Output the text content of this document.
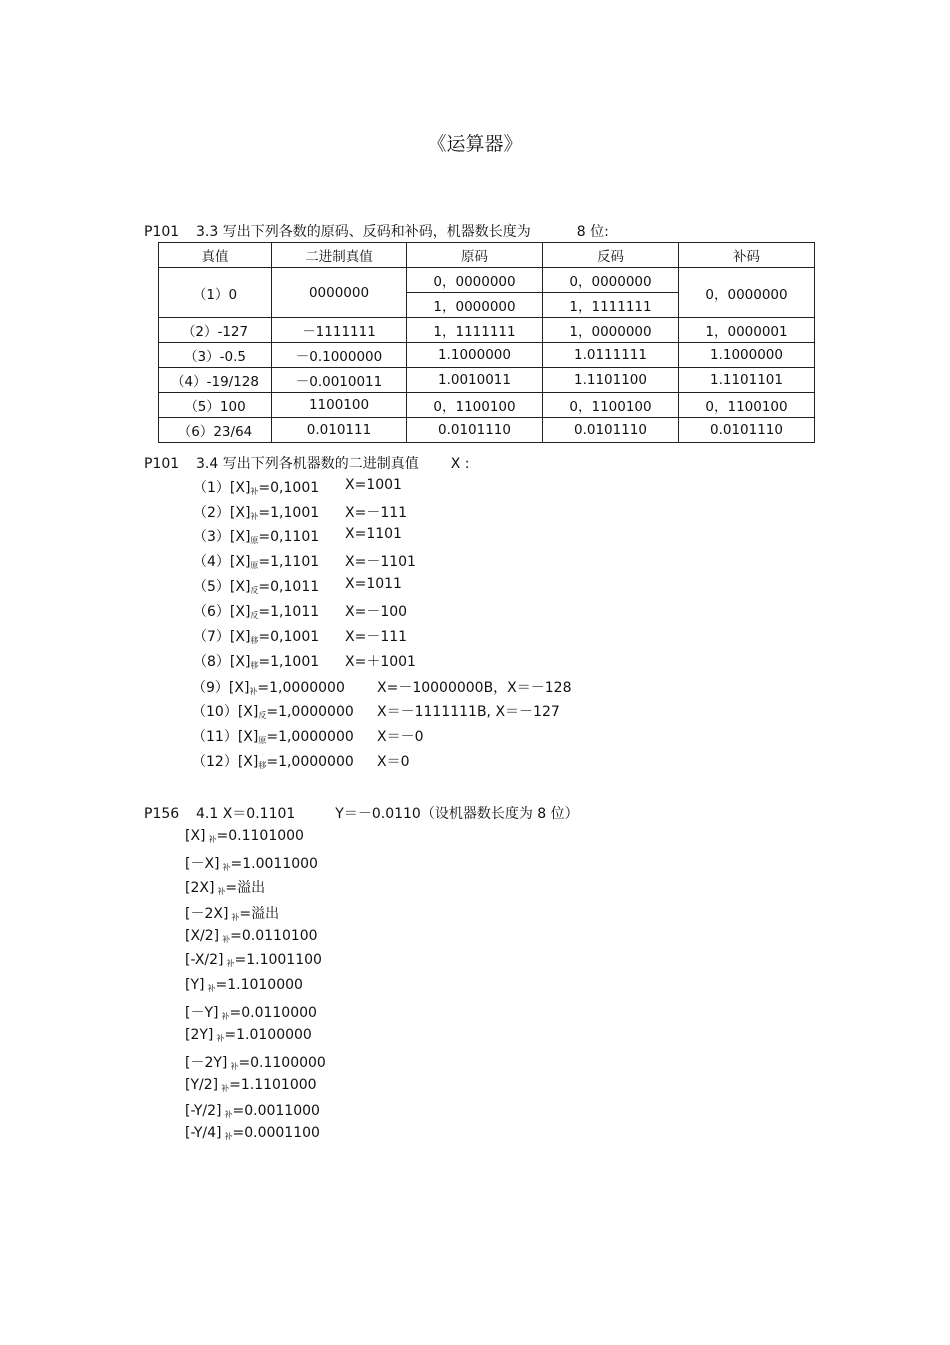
《运算器》
P101 3.3 写出下列各数的原码、反码和补码，机器数长度为	8 位:
真值	二进制真值	原码	反码	补码
（1）0	0000000	0，0000000	0，0000000	0，0000000
		1，0000000	1，1111111	
（2）-127	－1111111	1，1111111	1，0000000	1，0000001
（3）-0.5	－0.1000000	1.1000000	1.0111111	1.1000000
（4）-19/128	－0.0010011	1.0010011	1.1101100	1.1101101
（5）100	1100100	0，1100100	0，1100100	0，1100100
（6）23/64	0.010111	0.0101110	0.0101110	0.0101110
P101 3.4 写出下列各机器数的二进制真值 X :
（1）[X]补=0,1001 X=1001
（2）[X]补=1,1001 X=－111
（3）[X]原=0,1101 X=1101
（4）[X]原=1,1101 X=－1101
（5）[X]反=0,1011 X=1011
（6）[X]反=1,1011 X=－100
（7）[X]移=0,1001 X=－111
（8）[X]移=1,1001 X=＋1001
（9）[X]补=1,0000000 X=－10000000B，X＝－128
（10）[X]反=1,0000000 X＝－1111111B, X＝－127
（11）[X]原=1,0000000 X＝－0
（12）[X]移=1,0000000 X＝0
P156 4.1 X＝0.1101	Y＝－0.0110（设机器数长度为 8 位）
[X] 补=0.1101000
[－X] 补=1.0011000
[2X] 补=溢出
[－2X] 补=溢出
[X/2] 补=0.0110100
[-X/2] 补=1.1001100
[Y] 补=1.1010000
[－Y] 补=0.0110000
[2Y] 补=1.0100000
[－2Y] 补=0.1100000
[Y/2] 补=1.1101000
[-Y/2] 补=0.0011000
[-Y/4] 补=0.0001100
